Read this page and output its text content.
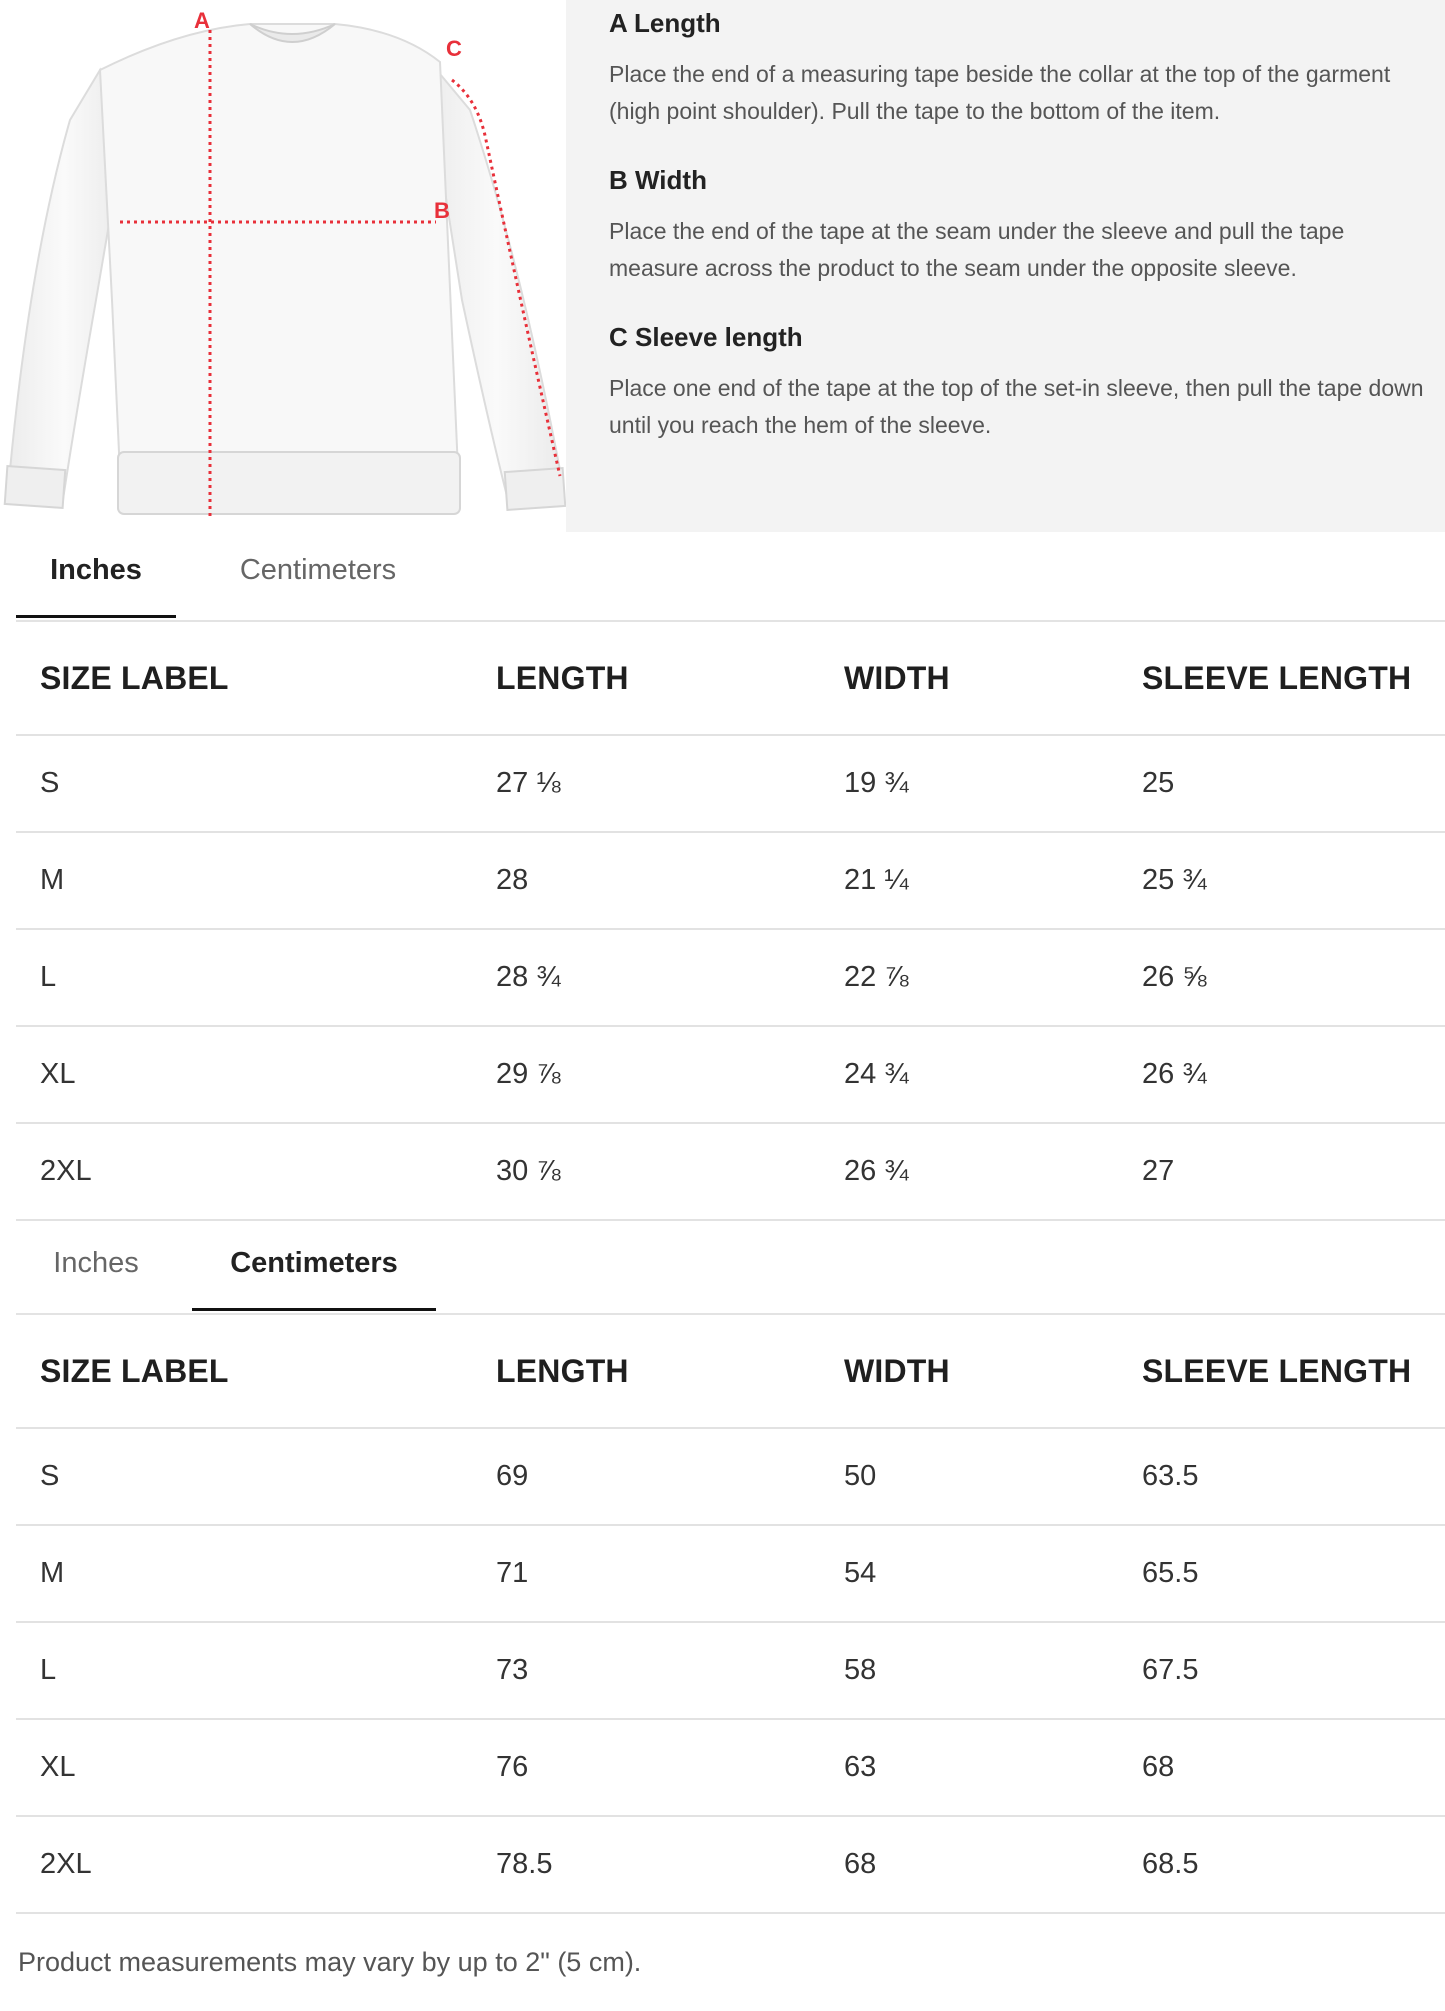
A
B
C

A Length

Place the end of a measuring tape beside the collar at the top of the garment (high point shoulder). Pull the tape to the bottom of the item.

B Width

Place the end of the tape at the seam under the sleeve and pull the tape measure across the product to the seam under the opposite sleeve.

C Sleeve length

Place one end of the tape at the top of the set-in sleeve, then pull the tape down until you reach the hem of the sleeve.

Inches	Centimeters
SIZE LABEL	LENGTH	WIDTH	SLEEVE LENGTH
S	27 ⅛	19 ¾	25
M	28	21 ¼	25 ¾
L	28 ¾	22 ⅞	26 ⅝
XL	29 ⅞	24 ¾	26 ¾
2XL	30 ⅞	26 ¾	27
Inches	Centimeters
SIZE LABEL	LENGTH	WIDTH	SLEEVE LENGTH
S	69	50	63.5
M	71	54	65.5
L	73	58	67.5
XL	76	63	68
2XL	78.5	68	68.5
Product measurements may vary by up to 2" (5 cm).
